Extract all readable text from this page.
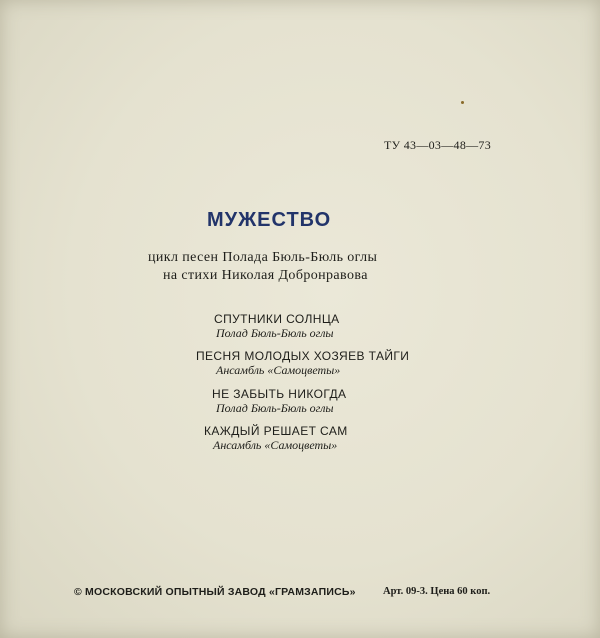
ТУ 43—03—48—73
МУЖЕСТВО
цикл песен Полада Бюль-Бюль оглы
на стихи Николая Добронравова
СПУТНИКИ СОЛНЦА
Полад Бюль-Бюль оглы
ПЕСНЯ МОЛОДЫХ ХОЗЯЕВ ТАЙГИ
Ансамбль «Самоцветы»
НЕ ЗАБЫТЬ НИКОГДА
Полад Бюль-Бюль оглы
КАЖДЫЙ РЕШАЕТ САМ
Ансамбль «Самоцветы»
© МОСКОВСКИЙ ОПЫТНЫЙ ЗАВОД «ГРАМЗАПИСЬ»	Арт. 09-3. Цена 60 коп.
